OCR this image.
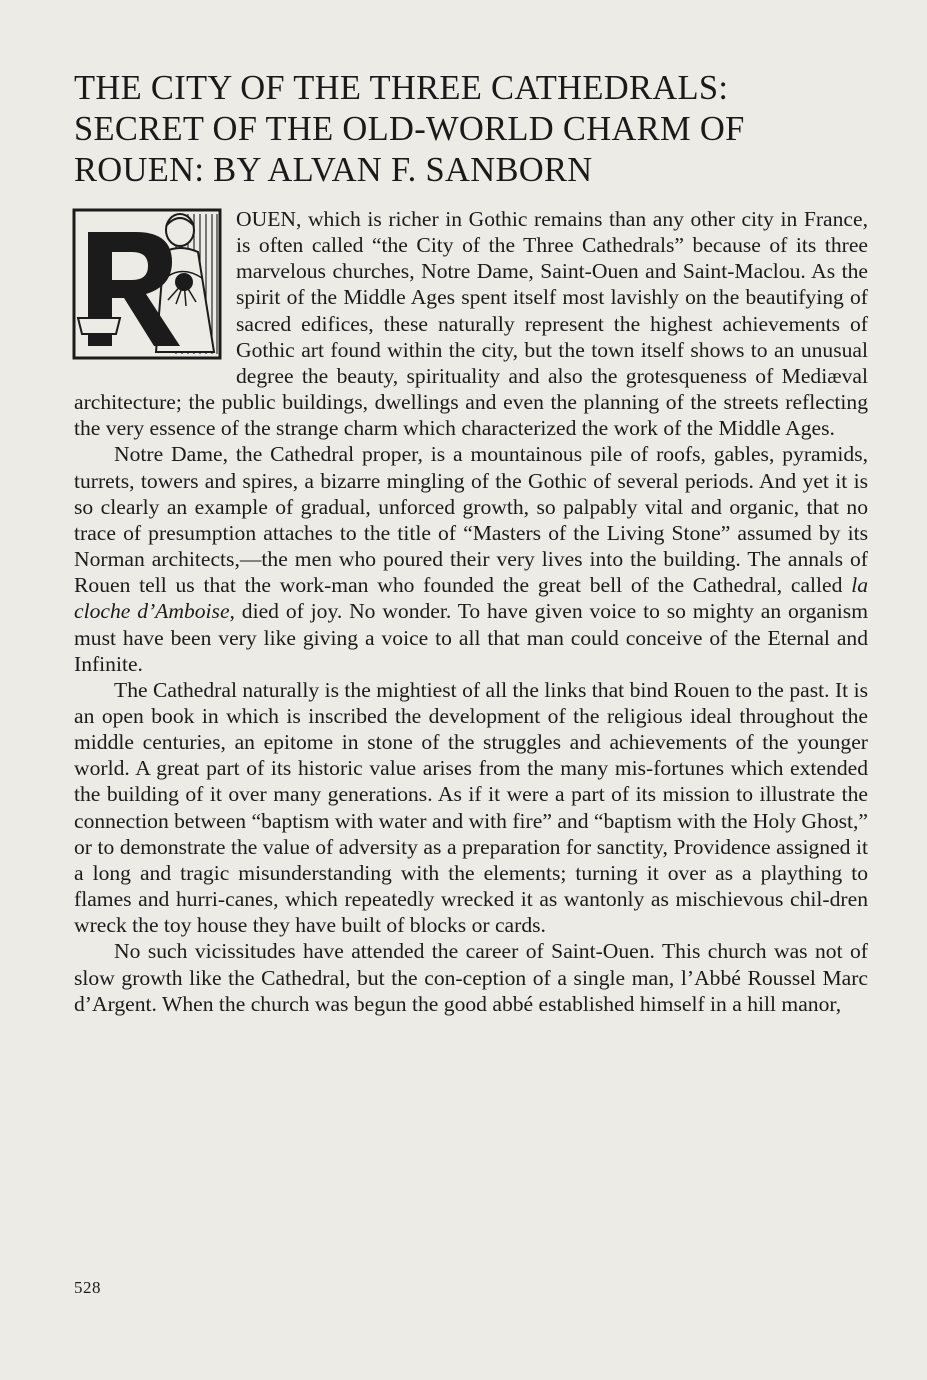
THE CITY OF THE THREE CATHEDRALS:
SECRET OF THE OLD-WORLD CHARM OF
ROUEN: BY ALVAN F. SANBORN

OUEN, which is richer in Gothic remains than any other city in France, is often called “the City of the Three Cathedrals” because of its three marvelous churches, Notre Dame, Saint-Ouen and Saint-Maclou. As the spirit of the Middle Ages spent itself most lavishly on the beautifying of sacred edifices, these naturally represent the highest achievements of Gothic art found within the city, but the town itself shows to an unusual degree the beauty, spirituality and also the grotesqueness of Mediæval architecture; the public buildings, dwellings and even the planning of the streets reflecting the very essence of the strange charm which characterized the work of the Middle Ages.

Notre Dame, the Cathedral proper, is a mountainous pile of roofs, gables, pyramids, turrets, towers and spires, a bizarre mingling of the Gothic of several periods. And yet it is so clearly an example of gradual, unforced growth, so palpably vital and organic, that no trace of presumption attaches to the title of “Masters of the Living Stone” assumed by its Norman architects,—the men who poured their very lives into the building. The annals of Rouen tell us that the work-man who founded the great bell of the Cathedral, called la cloche d’Amboise, died of joy. No wonder. To have given voice to so mighty an organism must have been very like giving a voice to all that man could conceive of the Eternal and Infinite.

The Cathedral naturally is the mightiest of all the links that bind Rouen to the past. It is an open book in which is inscribed the development of the religious ideal throughout the middle centuries, an epitome in stone of the struggles and achievements of the younger world. A great part of its historic value arises from the many mis-fortunes which extended the building of it over many generations. As if it were a part of its mission to illustrate the connection between “baptism with water and with fire” and “baptism with the Holy Ghost,” or to demonstrate the value of adversity as a preparation for sanctity, Providence assigned it a long and tragic misunderstanding with the elements; turning it over as a plaything to flames and hurri-canes, which repeatedly wrecked it as wantonly as mischievous chil-dren wreck the toy house they have built of blocks or cards.

No such vicissitudes have attended the career of Saint-Ouen. This church was not of slow growth like the Cathedral, but the con-ception of a single man, l’Abbé Roussel Marc d’Argent. When the church was begun the good abbé established himself in a hill manor,

528
